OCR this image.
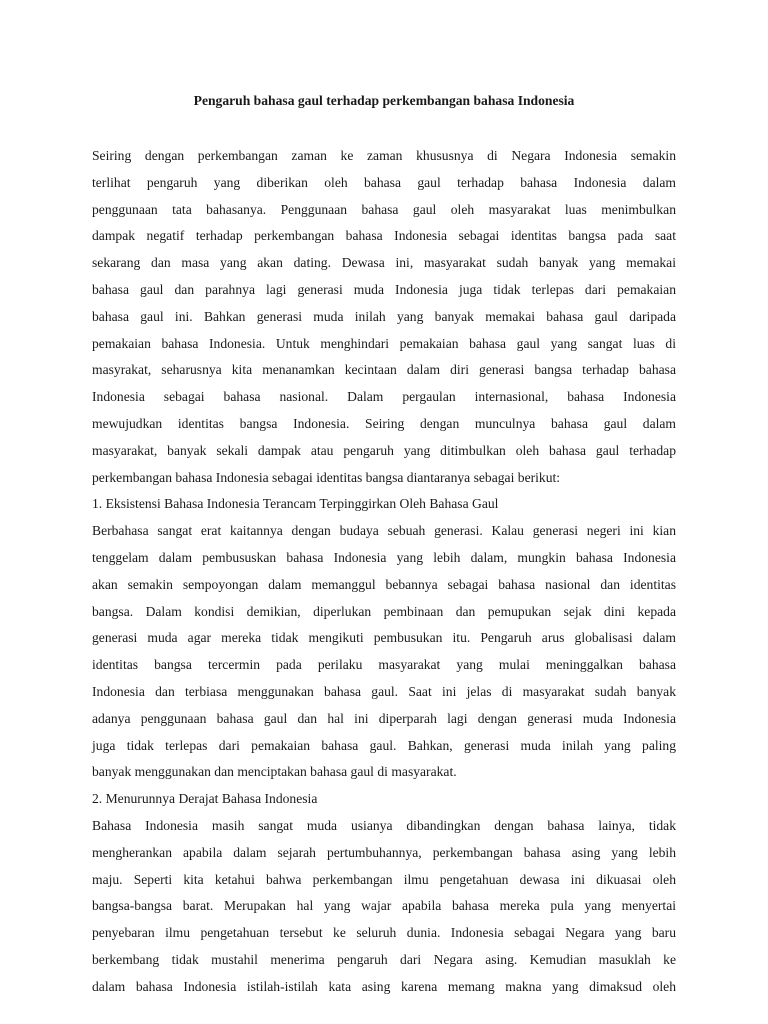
Pengaruh bahasa gaul terhadap perkembangan bahasa Indonesia
Seiring dengan perkembangan zaman ke zaman khususnya di Negara Indonesia semakin
terlihat pengaruh yang diberikan oleh bahasa gaul terhadap bahasa Indonesia dalam
penggunaan tata bahasanya. Penggunaan bahasa gaul oleh masyarakat luas menimbulkan
dampak negatif terhadap perkembangan bahasa Indonesia sebagai identitas bangsa pada saat
sekarang dan masa yang akan dating. Dewasa ini, masyarakat sudah banyak yang memakai
bahasa gaul dan parahnya lagi generasi muda Indonesia juga tidak terlepas dari pemakaian
bahasa gaul ini. Bahkan generasi muda inilah yang banyak memakai bahasa gaul daripada
pemakaian bahasa Indonesia. Untuk menghindari pemakaian bahasa gaul yang sangat luas di
masyrakat, seharusnya kita menanamkan kecintaan dalam diri generasi bangsa terhadap bahasa
Indonesia sebagai bahasa nasional. Dalam pergaulan internasional, bahasa Indonesia
mewujudkan identitas bangsa Indonesia. Seiring dengan munculnya bahasa gaul dalam
masyarakat, banyak sekali dampak atau pengaruh yang ditimbulkan oleh bahasa gaul terhadap
perkembangan bahasa Indonesia sebagai identitas bangsa diantaranya sebagai berikut:
1. Eksistensi Bahasa Indonesia Terancam Terpinggirkan Oleh Bahasa Gaul
Berbahasa sangat erat kaitannya dengan budaya sebuah generasi. Kalau generasi negeri ini kian
tenggelam dalam pembususkan bahasa Indonesia yang lebih dalam, mungkin bahasa Indonesia
akan semakin sempoyongan dalam memanggul bebannya sebagai bahasa nasional dan identitas
bangsa. Dalam kondisi demikian, diperlukan pembinaan dan pemupukan sejak dini kepada
generasi muda agar mereka tidak mengikuti pembusukan itu. Pengaruh arus globalisasi dalam
identitas bangsa tercermin pada perilaku masyarakat yang mulai meninggalkan bahasa
Indonesia dan terbiasa menggunakan bahasa gaul. Saat ini jelas di masyarakat sudah banyak
adanya penggunaan bahasa gaul dan hal ini diperparah lagi dengan generasi muda Indonesia
juga tidak terlepas dari pemakaian bahasa gaul. Bahkan, generasi muda inilah yang paling
banyak menggunakan dan menciptakan bahasa gaul di masyarakat.
2. Menurunnya Derajat Bahasa Indonesia
Bahasa Indonesia masih sangat muda usianya dibandingkan dengan bahasa lainya, tidak
mengherankan apabila dalam sejarah pertumbuhannya, perkembangan bahasa asing yang lebih
maju. Seperti kita ketahui bahwa perkembangan ilmu pengetahuan dewasa ini dikuasai oleh
bangsa-bangsa barat. Merupakan hal yang wajar apabila bahasa mereka pula yang menyertai
penyebaran ilmu pengetahuan tersebut ke seluruh dunia. Indonesia sebagai Negara yang baru
berkembang tidak mustahil menerima pengaruh dari Negara asing. Kemudian masuklah ke
dalam bahasa Indonesia istilah-istilah kata asing karena memang makna yang dimaksud oleh
